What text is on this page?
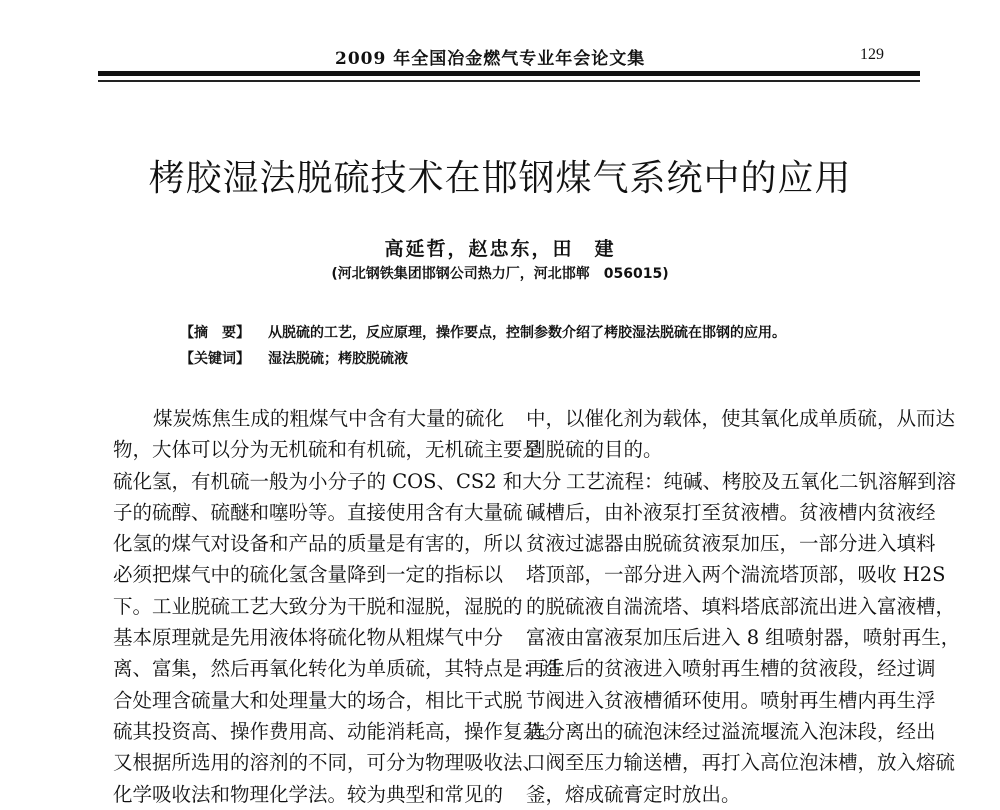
2009 年全国冶金燃气专业年会论文集	129
栲胶湿法脱硫技术在邯钢煤气系统中的应用
高延哲，赵忠东，田　建
(河北钢铁集团邯钢公司热力厂，河北邯郸　056015)
【摘　要】 从脱硫的工艺，反应原理，操作要点，控制参数介绍了栲胶湿法脱硫在邯钢的应用。
【关键词】 湿法脱硫；栲胶脱硫液
煤炭炼焦生成的粗煤气中含有大量的硫化
物，大体可以分为无机硫和有机硫，无机硫主要是
硫化氢，有机硫一般为小分子的 COS、CS2 和大分
子的硫醇、硫醚和噻吩等。直接使用含有大量硫
化氢的煤气对设备和产品的质量是有害的，所以
必须把煤气中的硫化氢含量降到一定的指标以
下。工业脱硫工艺大致分为干脱和湿脱，湿脱的
基本原理就是先用液体将硫化物从粗煤气中分
离、富集，然后再氧化转化为单质硫，其特点是：适
合处理含硫量大和处理量大的场合，相比干式脱
硫其投资高、操作费用高、动能消耗高，操作复杂。
又根据所选用的溶剂的不同，可分为物理吸收法、
化学吸收法和物理化学法。较为典型和常见的
中，以催化剂为载体，使其氧化成单质硫，从而达
到脱硫的目的。
工艺流程：纯碱、栲胶及五氧化二钒溶解到溶
碱槽后，由补液泵打至贫液槽。贫液槽内贫液经
贫液过滤器由脱硫贫液泵加压，一部分进入填料
塔顶部，一部分进入两个湍流塔顶部，吸收 H2S
的脱硫液自湍流塔、填料塔底部流出进入富液槽，
富液由富液泵加压后进入 8 组喷射器，喷射再生，
再生后的贫液进入喷射再生槽的贫液段，经过调
节阀进入贫液槽循环使用。喷射再生槽内再生浮
选分离出的硫泡沫经过溢流堰流入泡沫段，经出
口阀至压力输送槽，再打入高位泡沫槽，放入熔硫
釜，熔成硫膏定时放出。
